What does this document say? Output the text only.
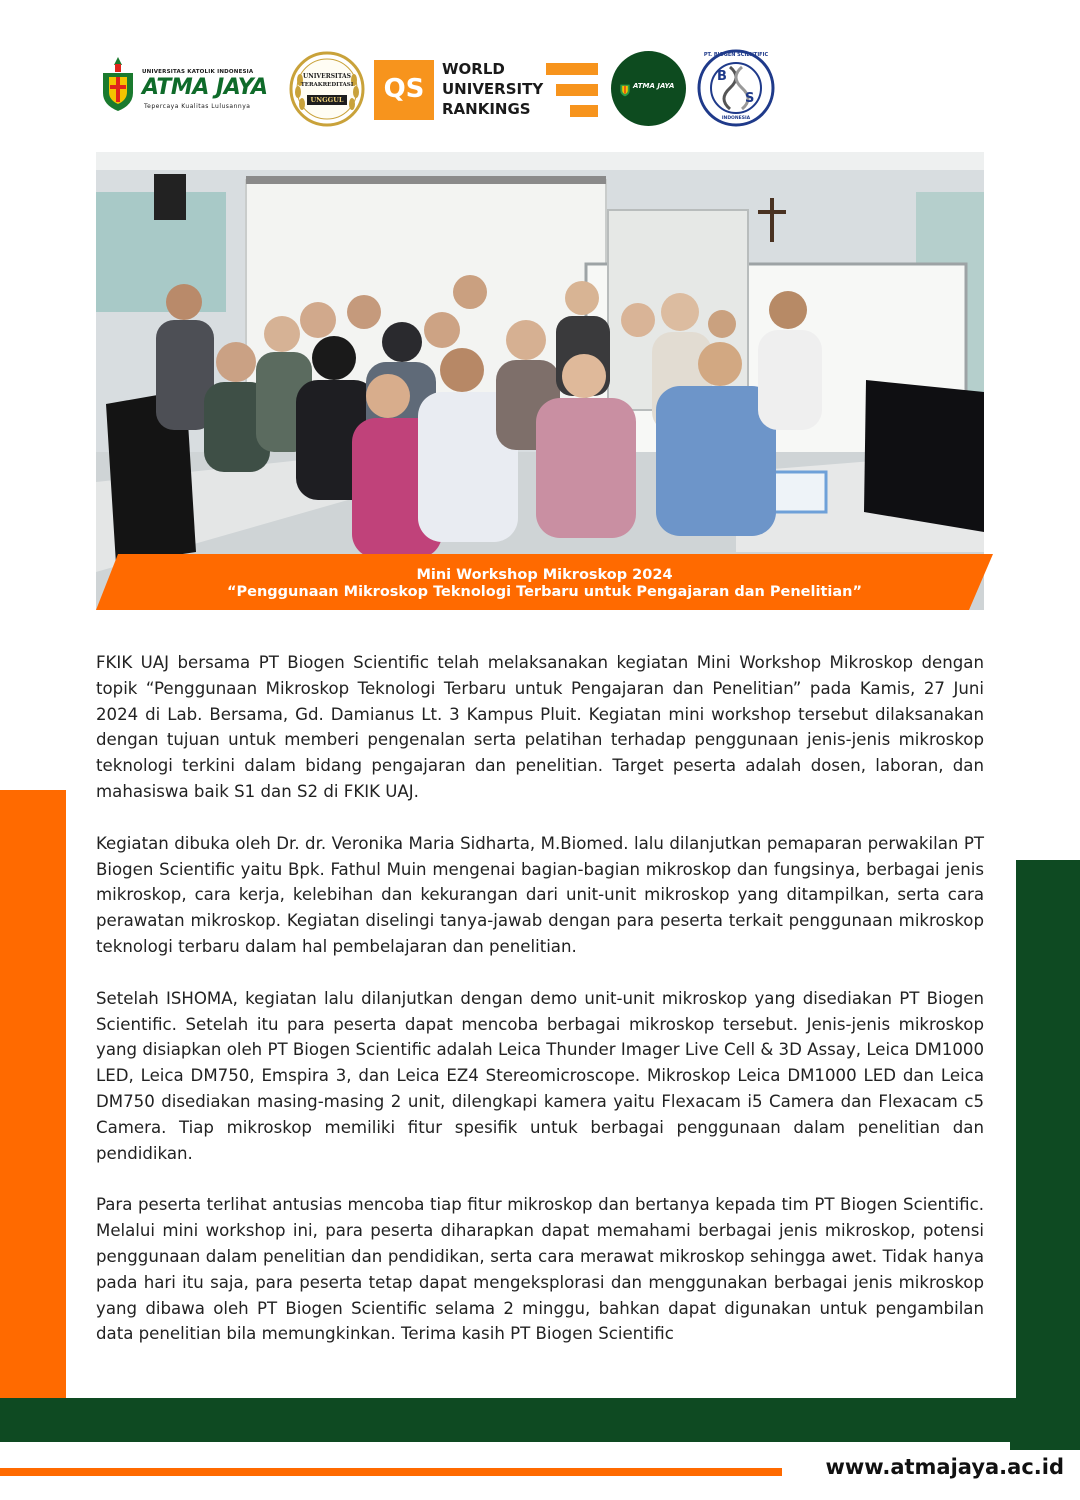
UNIVERSITAS KATOLIK INDONESIA
ATMA JAYA
Tepercaya Kualitas Lulusannya
UNIVERSITAS
TERAKREDITASI
UNGGUL	QS
WORLD
UNIVERSITY
RANKINGS
ATMA JAYA
PT. BIOGEN SCIENTIFIC
B
S
INDONESIA
Mini Workshop Mikroskop 2024
“Penggunaan Mikroskop Teknologi Terbaru untuk Pengajaran dan Penelitian”

FKIK UAJ bersama PT Biogen Scientific telah melaksanakan kegiatan Mini Workshop Mikroskop dengan topik “Penggunaan Mikroskop Teknologi Terbaru untuk Pengajaran dan Penelitian” pada Kamis, 27 Juni 2024 di Lab. Bersama, Gd. Damianus Lt. 3 Kampus Pluit. Kegiatan mini workshop tersebut dilaksanakan dengan tujuan untuk memberi pengenalan serta pelatihan terhadap penggunaan jenis-jenis mikroskop teknologi terkini dalam bidang pengajaran dan penelitian. Target peserta adalah dosen, laboran, dan mahasiswa baik S1 dan S2 di FKIK UAJ.

Kegiatan dibuka oleh Dr. dr. Veronika Maria Sidharta, M.Biomed. lalu dilanjutkan pemaparan perwakilan PT Biogen Scientific yaitu Bpk. Fathul Muin mengenai bagian-bagian mikroskop dan fungsinya, berbagai jenis mikroskop, cara kerja, kelebihan dan kekurangan dari unit-unit mikroskop yang ditampilkan, serta cara perawatan mikroskop. Kegiatan diselingi tanya-jawab dengan para peserta terkait penggunaan mikroskop teknologi terbaru dalam hal pembelajaran dan penelitian.

Setelah ISHOMA, kegiatan lalu dilanjutkan dengan demo unit-unit mikroskop yang disediakan PT Biogen Scientific. Setelah itu para peserta dapat mencoba berbagai mikroskop tersebut. Jenis-jenis mikroskop yang disiapkan oleh PT Biogen Scientific adalah Leica Thunder Imager Live Cell & 3D Assay, Leica DM1000 LED, Leica DM750, Emspira 3, dan Leica EZ4 Stereomicroscope. Mikroskop Leica DM1000 LED dan Leica DM750 disediakan masing-masing 2 unit, dilengkapi kamera yaitu Flexacam i5 Camera dan Flexacam c5 Camera. Tiap mikroskop memiliki fitur spesifik untuk berbagai penggunaan dalam penelitian dan pendidikan.

Para peserta terlihat antusias mencoba tiap fitur mikroskop dan bertanya kepada tim PT Biogen Scientific. Melalui mini workshop ini, para peserta diharapkan dapat memahami berbagai jenis mikroskop, potensi penggunaan dalam penelitian dan pendidikan, serta cara merawat mikroskop sehingga awet. Tidak hanya pada hari itu saja, para peserta tetap dapat mengeksplorasi dan menggunakan berbagai jenis mikroskop yang dibawa oleh PT Biogen Scientific selama 2 minggu, bahkan dapat digunakan untuk pengambilan data penelitian bila memungkinkan. Terima kasih PT Biogen Scientific

www.atmajaya.ac.id
